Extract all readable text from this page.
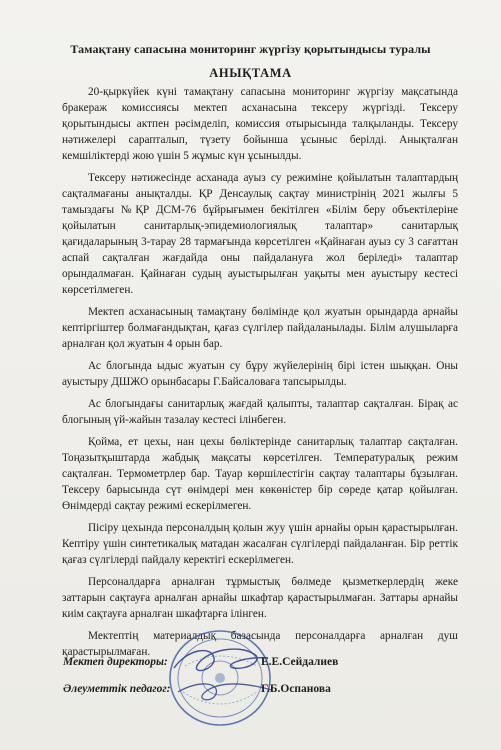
Тамақтану сапасына мониторинг жүргізу қорытындысы туралы
АНЫҚТАМА

20-қыркүйек күні тамақтану сапасына мониторинг жүргізу мақсатында бракераж комиссиясы мектеп асханасына тексеру жүргізді. Тексеру қорытындысы актпен рәсімделіп, комиссия отырысында талқыланды. Тексеру нәтижелері сарапталып, түзету бойынша ұсыныс берілді. Анықталған кемшіліктерді жою үшін 5 жұмыс күн ұсынылды.

Тексеру нәтижесінде асханада ауыз су режиміне қойылатын талаптардың сақталмағаны анықталды. ҚР Денсаулық сақтау министрінің 2021 жылғы 5 тамыздағы №ҚР ДСМ-76 бұйрығымен бекітілген «Білім беру объектілеріне қойылатын санитарлық-эпидемиологиялық талаптар» санитарлық қағидаларының 3-тарау 28 тармағында көрсетілген «Қайнаған ауыз су 3 сағаттан аспай сақталған жағдайда оны пайдалануға жол беріледі» талаптар орындалмаған. Қайнаған судың ауыстырылған уақыты мен ауыстыру кестесі көрсетілмеген.

Мектеп асханасының тамақтану бөлімінде қол жуатын орындарда арнайы кептіргіштер болмағандықтан, қағаз сүлгілер пайдаланылады. Білім алушыларға арналған қол жуатын 4 орын бар.

Ас блогында ыдыс жуатын су бұру жүйелерінің бірі істен шыққан. Оны ауыстыру ДШЖО орынбасары Г.Байсаловаға тапсырылды.

Ас блогындағы санитарлық жағдай қалыпты, талаптар сақталған. Бірақ ас блогының үй-жайын тазалау кестесі ілінбеген.

Қойма, ет цехы, нан цехы бөліктерінде санитарлық талаптар сақталған. Тоңазытқыштарда жабдық мақсаты көрсетілген. Температуралық режим сақталған. Термометрлер бар. Тауар көршілестігін сақтау талаптары бұзылған. Тексеру барысында сүт өнімдері мен көкөністер бір сөреде қатар қойылған. Өнімдерді сақтау режимі ескерілмеген.

Пісіру цехында персоналдың қолын жуу үшін арнайы орын қарастырылған. Кептіру үшін синтетикалық матадан жасалған сүлгілерді пайдаланған. Бір реттік қағаз сүлгілерді пайдалу керектігі ескерілмеген.

Персоналдарға арналған тұрмыстық бөлмеде қызметкерлердің жеке заттарын сақтауға арналған арнайы шкафтар қарастырылмаған. Заттары арнайы киім сақтауға арналған шкафтарға ілінген.

Мектептің материалдық базасында персоналдарға арналған душ қарастырылмаған.

Мектеп директоры:	Е.Е.Сейдалиев
Әлеуметтік педагог:	Г.Б.Оспанова
